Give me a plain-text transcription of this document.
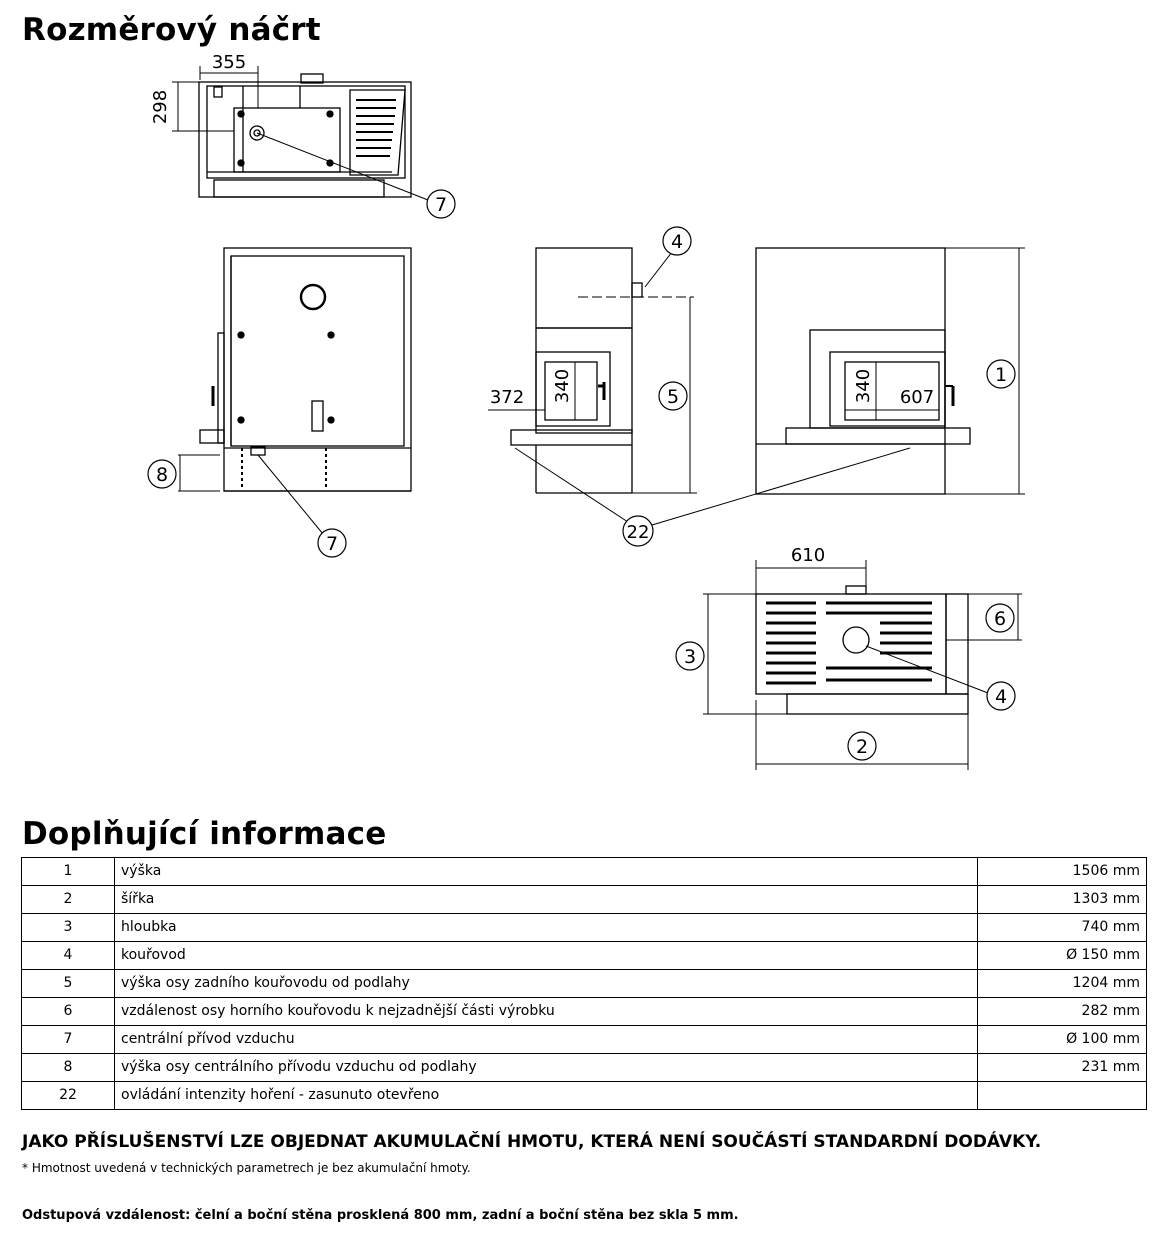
Rozměrový náčrt
355
298
7
8
7
372 340
4
5	340 607
1
22
610
3
6
4
2
Doplňující informace
1	výška	1506 mm
2	šířka	1303 mm
3	hloubka	740 mm
4	kouřovod	Ø 150 mm
5	výška osy zadního kouřovodu od podlahy	1204 mm
6	vzdálenost osy horního kouřovodu k nejzadnější části výrobku	282 mm
7	centrální přívod vzduchu	Ø 100 mm
8	výška osy centrálního přívodu vzduchu od podlahy	231 mm
22	ovládání intenzity hoření - zasunuto otevřeno	
JAKO PŘÍSLUŠENSTVÍ LZE OBJEDNAT AKUMULAČNÍ HMOTU, KTERÁ NENÍ SOUČÁSTÍ STANDARDNÍ DODÁVKY.
* Hmotnost uvedená v technických parametrech je bez akumulační hmoty.
Odstupová vzdálenost: čelní a boční stěna prosklená 800 mm, zadní a boční stěna bez skla 5 mm.
